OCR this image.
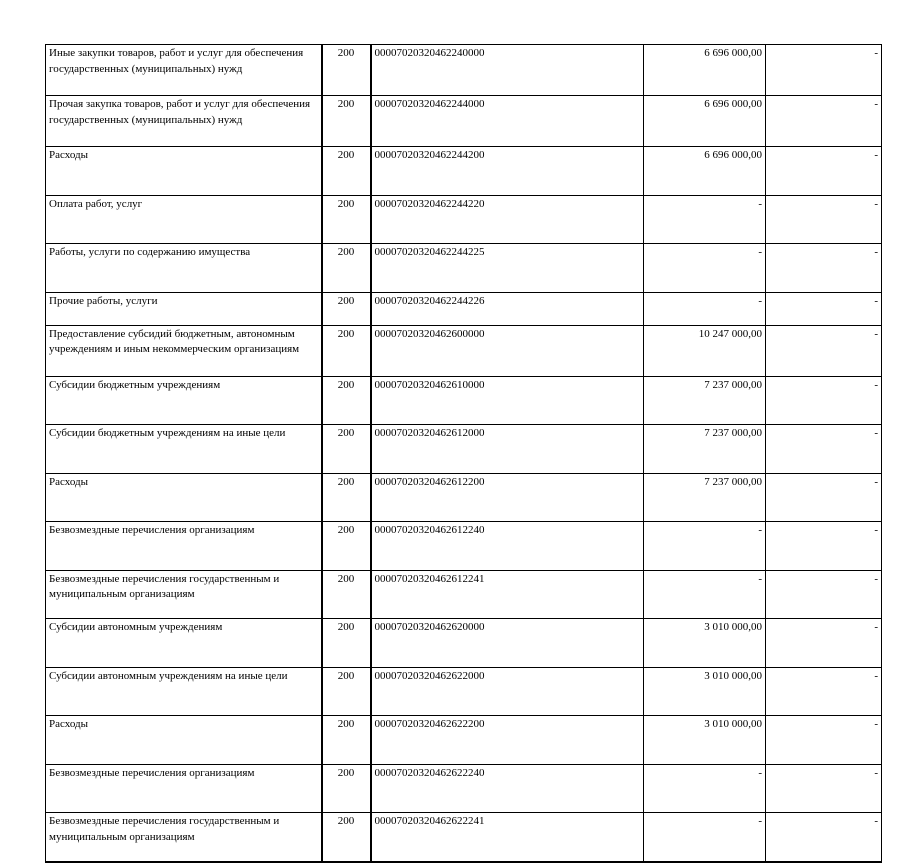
Иные закупки товаров, работ и услуг для обеспечения государственных (муниципальных) нужд	200	00007020320462240000	6 696 000,00	-	
Прочая закупка товаров, работ и услуг для обеспечения государственных (муниципальных) нужд	200	00007020320462244000	6 696 000,00	-	
Расходы	200	00007020320462244200	6 696 000,00	-	
Оплата работ, услуг	200	00007020320462244220	-	-	
Работы, услуги по содержанию имущества	200	00007020320462244225	-	-	
Прочие работы, услуги	200	00007020320462244226	-	-	
Предоставление субсидий бюджетным, автономным учреждениям и иным некоммерческим организациям	200	00007020320462600000	10 247 000,00	-	
Субсидии бюджетным учреждениям	200	00007020320462610000	7 237 000,00	-	
Субсидии бюджетным учреждениям на иные цели	200	00007020320462612000	7 237 000,00	-	
Расходы	200	00007020320462612200	7 237 000,00	-	
Безвозмездные перечисления организациям	200	00007020320462612240	-	-	
Безвозмездные перечисления государственным и муниципальным организациям	200	00007020320462612241	-	-	
Субсидии автономным учреждениям	200	00007020320462620000	3 010 000,00	-	
Субсидии автономным учреждениям на иные цели	200	00007020320462622000	3 010 000,00	-	
Расходы	200	00007020320462622200	3 010 000,00	-	
Безвозмездные перечисления организациям	200	00007020320462622240	-	-	
Безвозмездные перечисления государственным и муниципальным организациям	200	00007020320462622241	-	-	
